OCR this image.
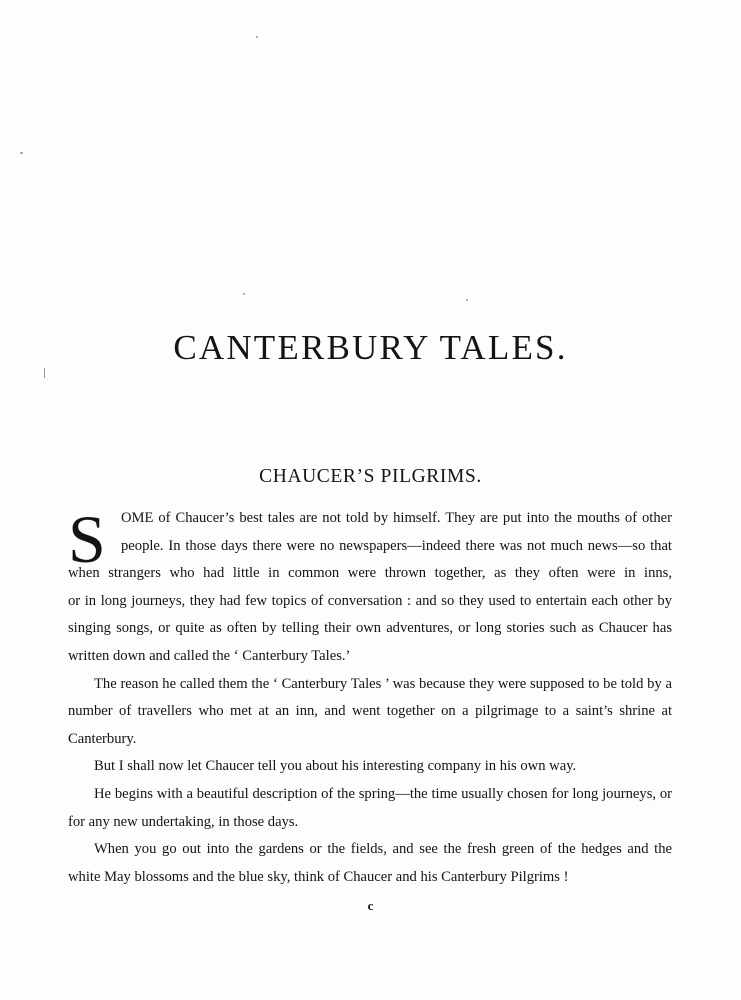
CANTERBURY TALES.
CHAUCER’S PILGRIMS.
S	OME of Chaucer’s best tales are not told by himself. They are put into the mouths of other

people. In those days there were no newspapers—indeed there was not much news—so that

when strangers who had little in common were thrown together, as they often were in inns,

or in long journeys, they had few topics of conversation : and so they used to entertain each other by

singing songs, or quite as often by telling their own adventures, or long stories such as Chaucer has

written down and called the ‘ Canterbury Tales.’

The reason he called them the ‘ Canterbury Tales ’ was because they were supposed to be told by a

number of travellers who met at an inn, and went together on a pilgrimage to a saint’s shrine at

Canterbury.

But I shall now let Chaucer tell you about his interesting company in his own way.

He begins with a beautiful description of the spring—the time usually chosen for long journeys, or

for any new undertaking, in those days.

When you go out into the gardens or the fields, and see the fresh green of the hedges and the

white May blossoms and the blue sky, think of Chaucer and his Canterbury Pilgrims !

c
